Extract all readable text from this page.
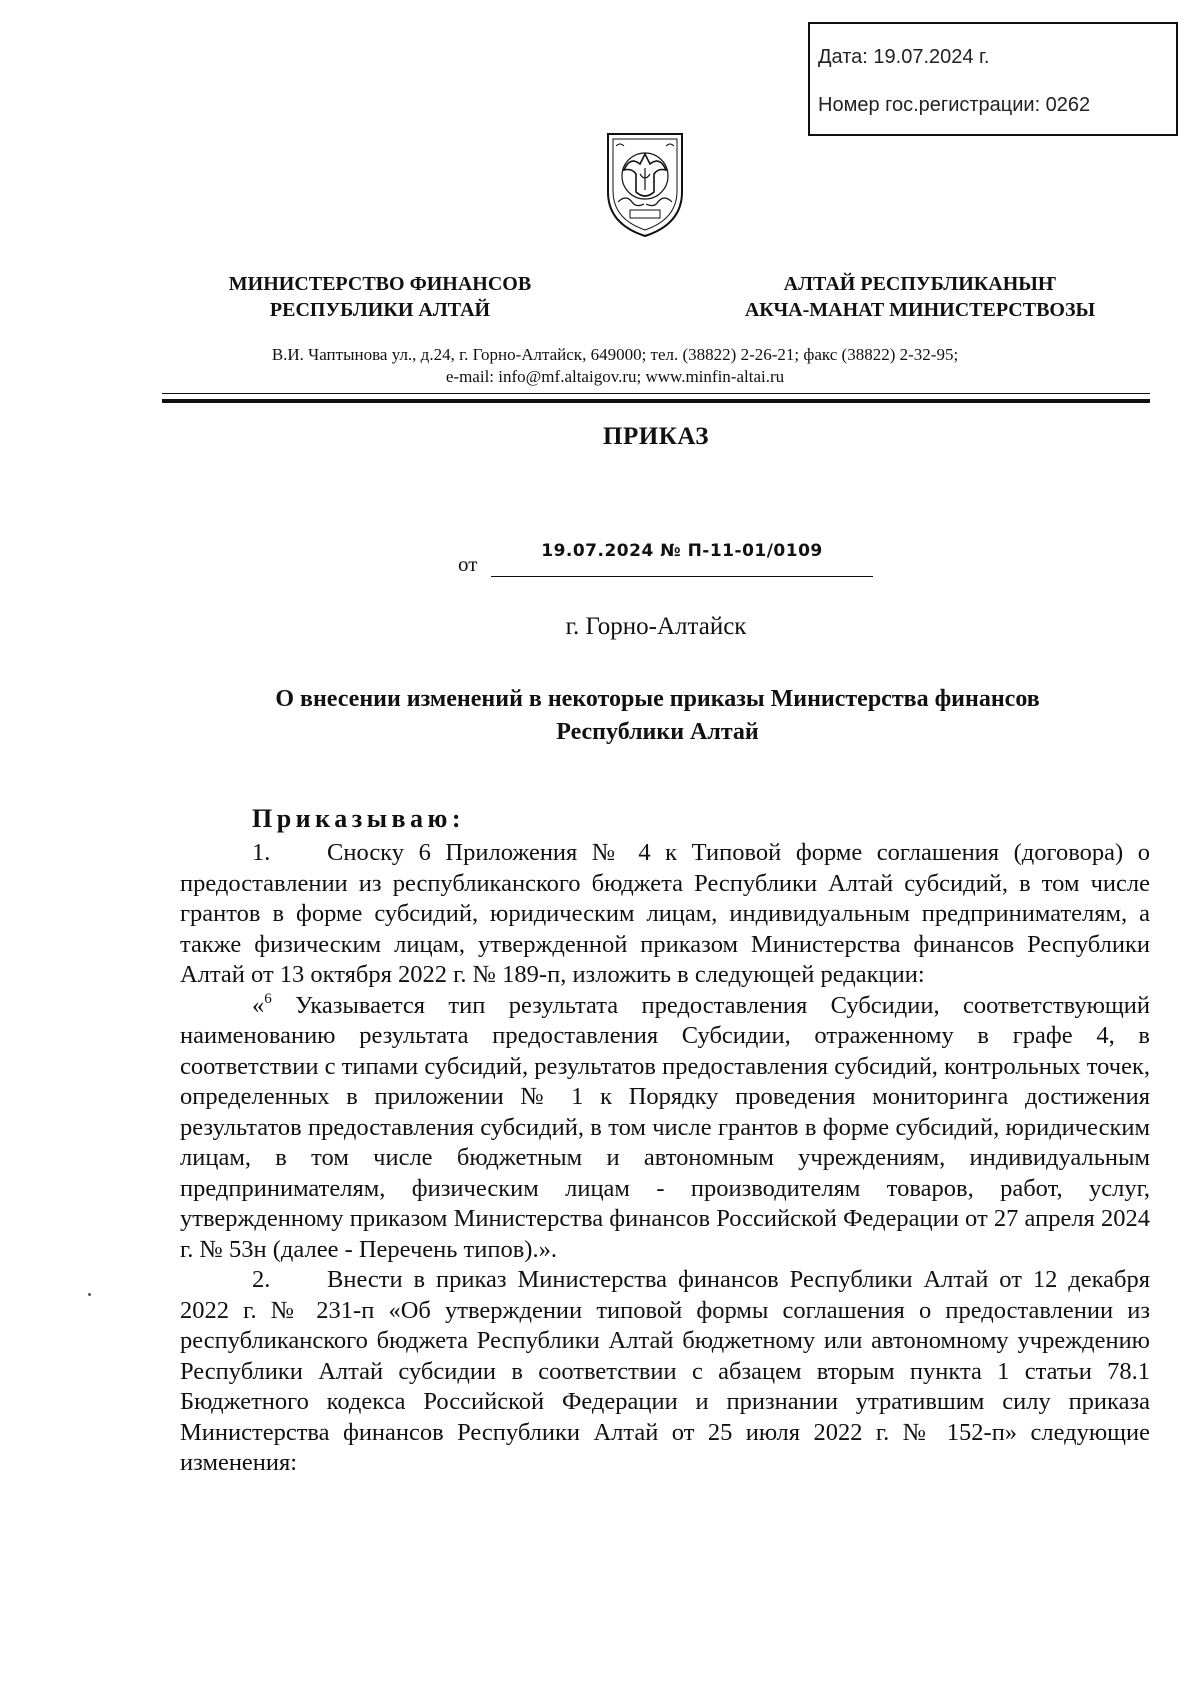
Дата: 19.07.2024 г.
Номер гос.регистрации: 0262
МИНИСТЕРСТВО ФИНАНСОВ
РЕСПУБЛИКИ АЛТАЙ
АЛТАЙ РЕСПУБЛИКАНЫҤ
АКЧА-МАНАТ МИНИСТЕРСТВОЗЫ
В.И. Чаптынова ул., д.24, г. Горно-Алтайск, 649000; тел. (38822) 2-26-21; факс (38822) 2-32-95;
e-mail: info@mf.altaigov.ru; www.minfin-altai.ru
ПРИКАЗ
от
19.07.2024 № П-11-01/0109
г. Горно-Алтайск
О внесении изменений в некоторые приказы Министерства финансов
Республики Алтай
Приказываю:

1. Сноску 6 Приложения № 4 к Типовой форме соглашения (договора) о предоставлении из республиканского бюджета Республики Алтай субсидий, в том числе грантов в форме субсидий, юридическим лицам, индивидуальным предпринимателям, а также физическим лицам, утвержденной приказом Министерства финансов Республики Алтай от 13 октября 2022 г. № 189-п, изложить в следующей редакции:

«$^6$ Указывается тип результата предоставления Субсидии, соответствующий наименованию результата предоставления Субсидии, отраженному в графе 4, в соответствии с типами субсидий, результатов предоставления субсидий, контрольных точек, определенных в приложении № 1 к Порядку проведения мониторинга достижения результатов предоставления субсидий, в том числе грантов в форме субсидий, юридическим лицам, в том числе бюджетным и автономным учреждениям, индивидуальным предпринимателям, физическим лицам - производителям товаров, работ, услуг, утвержденному приказом Министерства финансов Российской Федерации от 27 апреля 2024 г. № 53н (далее - Перечень типов).».

2. Внести в приказ Министерства финансов Республики Алтай от 12 декабря 2022 г. № 231-п «Об утверждении типовой формы соглашения о предоставлении из республиканского бюджета Республики Алтай бюджетному или автономному учреждению Республики Алтай субсидии в соответствии с абзацем вторым пункта 1 статьи 78.1 Бюджетного кодекса Российской Федерации и признании утратившим силу приказа Министерства финансов Республики Алтай от 25 июля 2022 г. № 152-п» следующие изменения:
